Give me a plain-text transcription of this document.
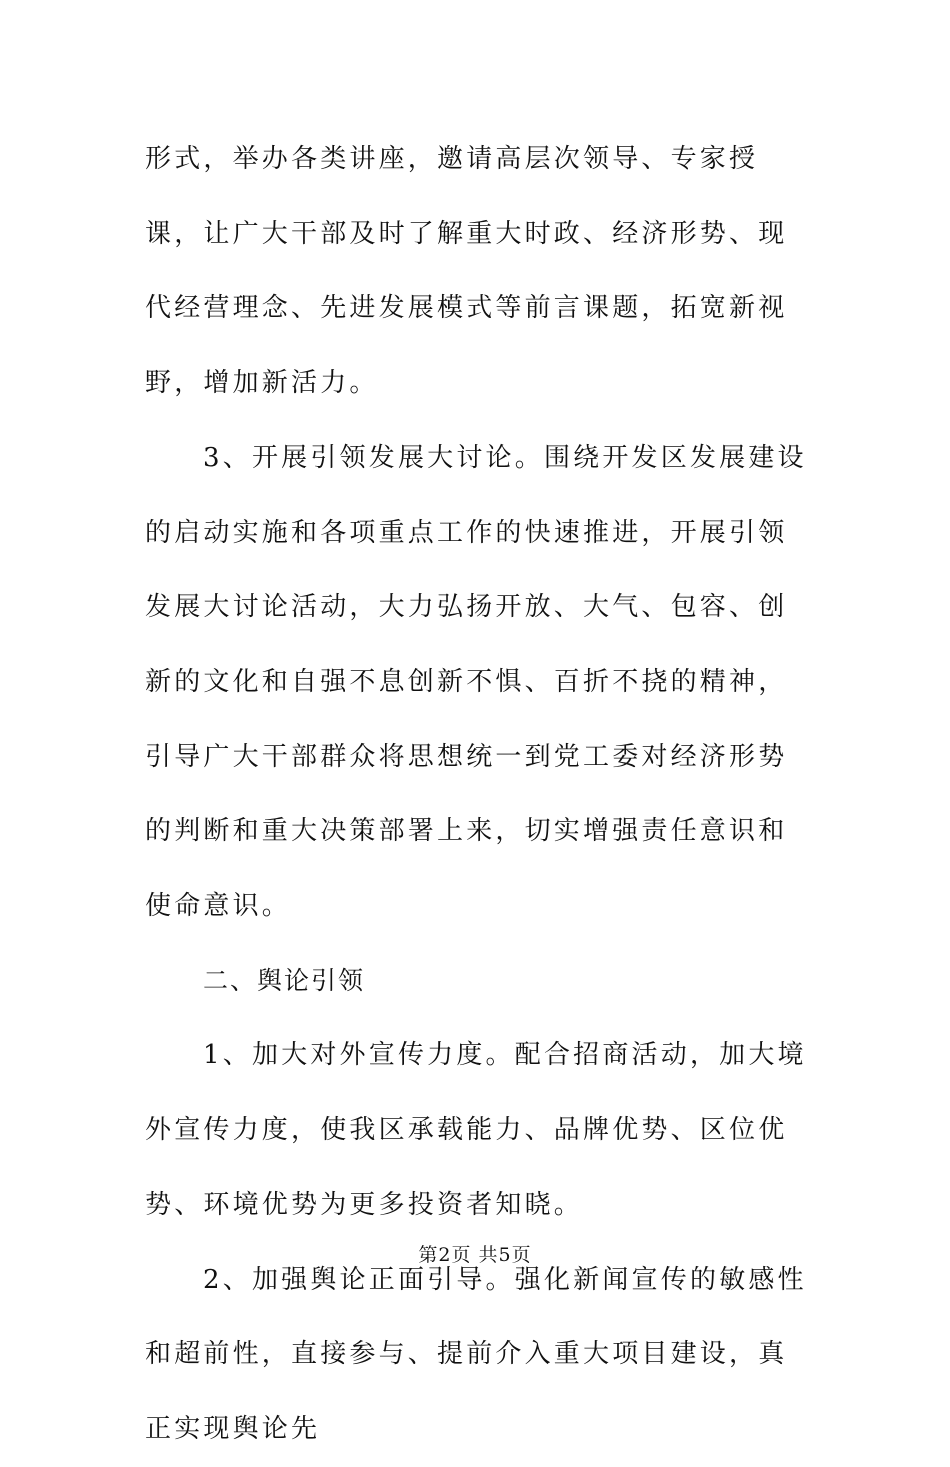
形式，举办各类讲座，邀请高层次领导、专家授课，让广大干部及时了解重大时政、经济形势、现代经营理念、先进发展模式等前言课题，拓宽新视野，增加新活力。

3、开展引领发展大讨论。围绕开发区发展建设的启动实施和各项重点工作的快速推进，开展引领发展大讨论活动，大力弘扬开放、大气、包容、创新的文化和自强不息创新不惧、百折不挠的精神，引导广大干部群众将思想统一到党工委对经济形势的判断和重大决策部署上来，切实增强责任意识和使命意识。

二、舆论引领

1、加大对外宣传力度。配合招商活动，加大境外宣传力度，使我区承载能力、品牌优势、区位优势、环境优势为更多投资者知晓。

2、加强舆论正面引导。强化新闻宣传的敏感性和超前性，直接参与、提前介入重大项目建设，真正实现舆论先

第2页 共5页
